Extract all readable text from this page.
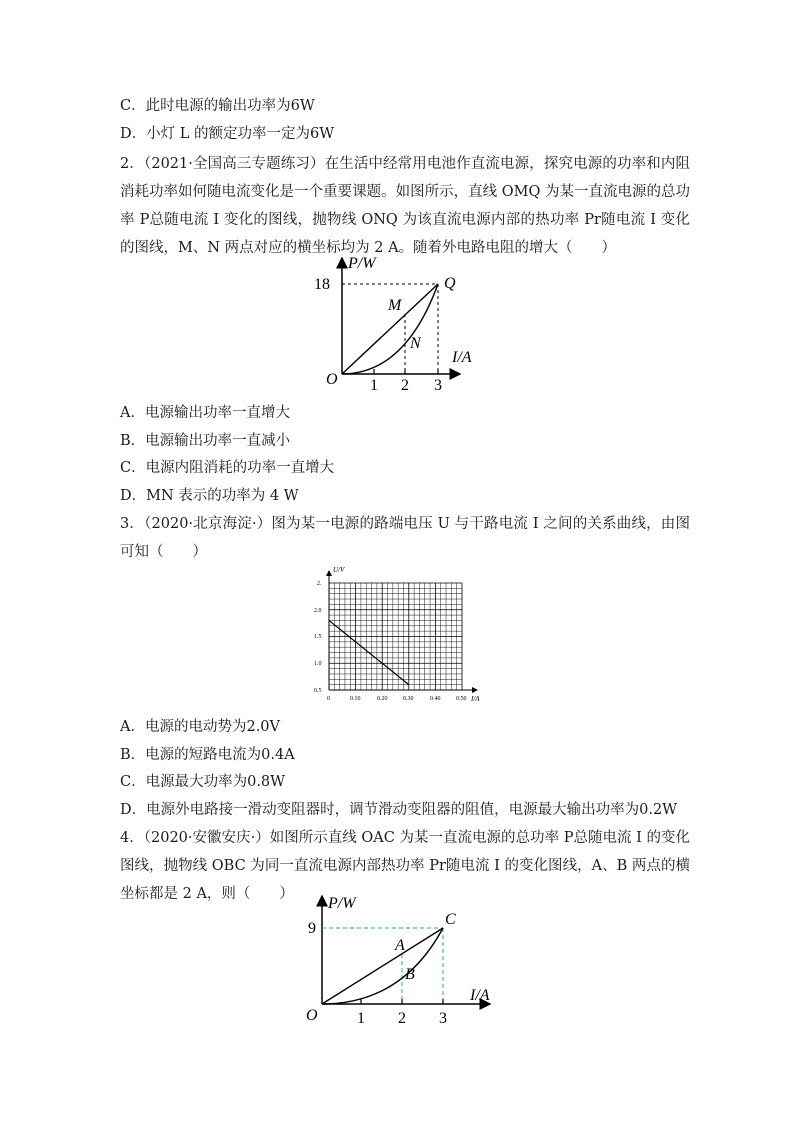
C．此时电源的输出功率为6W
D．小灯 L 的额定功率一定为6W
2．（2021·全国高三专题练习）在生活中经常用电池作直流电源，探究电源的功率和内阻消耗功率如何随电流变化是一个重要课题。如图所示，直线 OMQ 为某一直流电源的总功率 P总随电流 I 变化的图线，抛物线 ONQ 为该直流电源内部的热功率 Pr随电流 I 变化的图线，M、N 两点对应的横坐标均为 2 A。随着外电路电阻的增大（　　）
P/W
I/A
O
18
1 2 3
M
N
Q
A．电源输出功率一直增大
B．电源输出功率一直减小
C．电源内阻消耗的功率一直增大
D．MN 表示的功率为 4 W
3．（2020·北京海淀·）图为某一电源的路端电压 U 与干路电流 I 之间的关系曲线，由图可知（　　）
U/V
I/A
2.
2.0
1.5
1.0
0.5
0	0.10	0.20	0.30	0.40	0.50
A．电源的电动势为2.0V
B．电源的短路电流为0.4A
C．电源最大功率为0.8W
D．电源外电路接一滑动变阻器时，调节滑动变阻器的阻值，电源最大输出功率为0.2W
4．（2020·安徽安庆·）如图所示直线 OAC 为某一直流电源的总功率 P总随电流 I 的变化图线，抛物线 OBC 为同一直流电源内部热功率 Pr随电流 I 的变化图线，A、B 两点的横坐标都是 2 A，则（　　）
P/W
I/A
O
9
1 2 3
A
B
C
